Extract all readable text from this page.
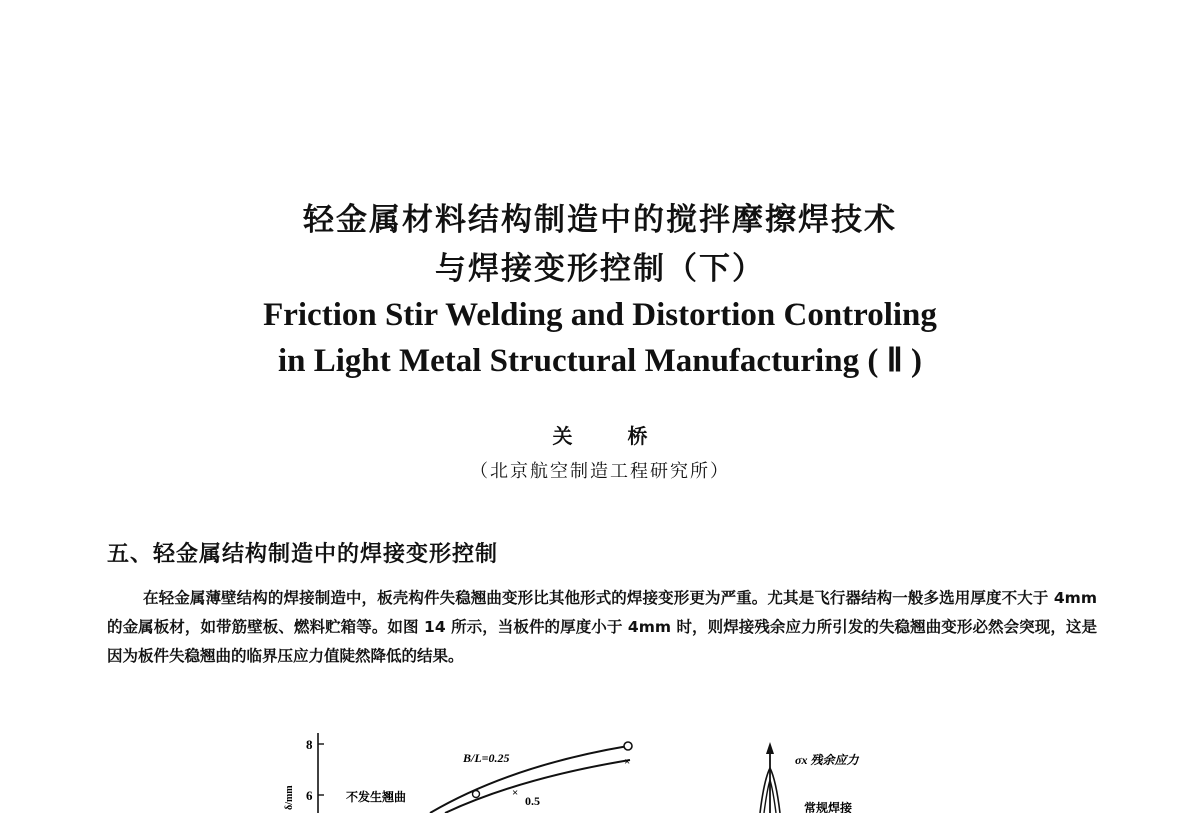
轻金属材料结构制造中的搅拌摩擦焊技术
与焊接变形控制（下）
Friction Stir Welding and Distortion Controling
in Light Metal Structural Manufacturing ( Ⅱ )
关 桥
（北京航空制造工程研究所）
五、轻金属结构制造中的焊接变形控制

在轻金属薄壁结构的焊接制造中，板壳构件失稳翘曲变形比其他形式的焊接变形更为严重。尤其是飞行器结构一般多选用厚度不大于 4mm 的金属板材，如带筋壁板、燃料贮箱等。如图 14 所示，当板件的厚度小于 4mm 时，则焊接残余应力所引发的失稳翘曲变形必然会突现，这是因为板件失稳翘曲的临界压应力值陡然降低的结果。

8
6
δ/mm	不发生翘曲
B/L=0.25
0.5
×
×
σx 残余应力
常规焊接
